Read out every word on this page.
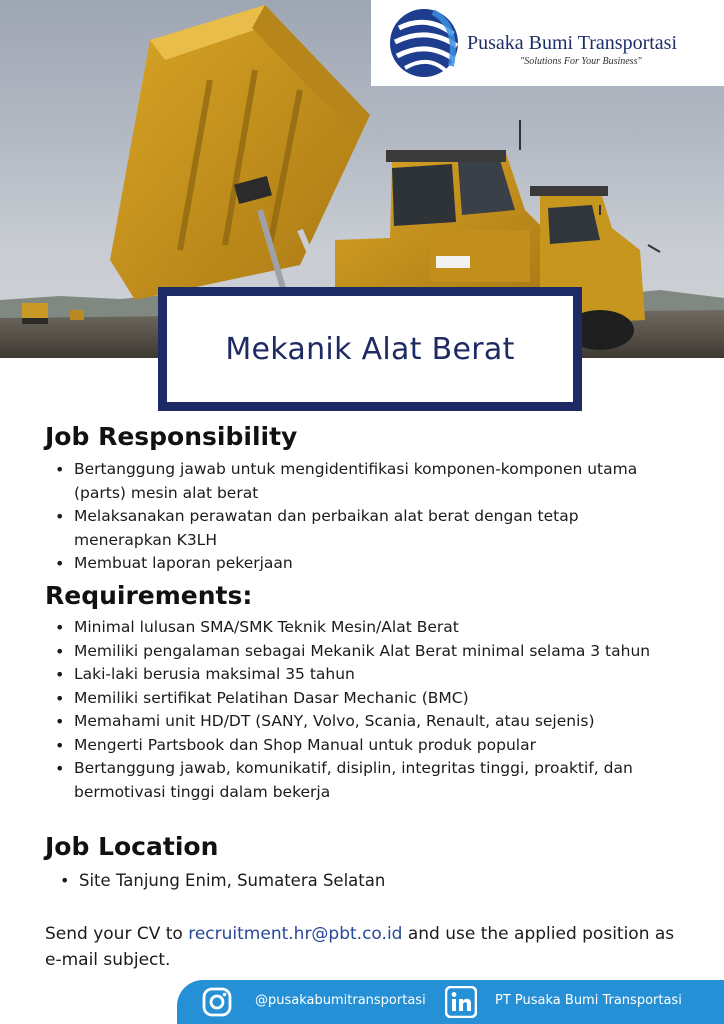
Pusaka Bumi Transportasi
"Solutions For Your Business"
Mekanik Alat Berat
Job Responsibility
• Bertanggung jawab untuk mengidentifikasi komponen-komponen utama (parts) mesin alat berat
• Melaksanakan perawatan dan perbaikan alat berat dengan tetap menerapkan K3LH
• Membuat laporan pekerjaan
Requirements:
• Minimal lulusan SMA/SMK Teknik Mesin/Alat Berat
• Memiliki pengalaman sebagai Mekanik Alat Berat minimal selama 3 tahun
• Laki-laki berusia maksimal 35 tahun
• Memiliki sertifikat Pelatihan Dasar Mechanic (BMC)
• Memahami unit HD/DT (SANY, Volvo, Scania, Renault, atau sejenis)
• Mengerti Partsbook dan Shop Manual untuk produk popular
• Bertanggung jawab, komunikatif, disiplin, integritas tinggi, proaktif, dan bermotivasi tinggi dalam bekerja
Job Location
• Site Tanjung Enim, Sumatera Selatan

Send your CV to recruitment.hr@pbt.co.id and use the applied position as e-mail subject.

@pusakabumitransportasi	PT Pusaka Bumi Transportasi
